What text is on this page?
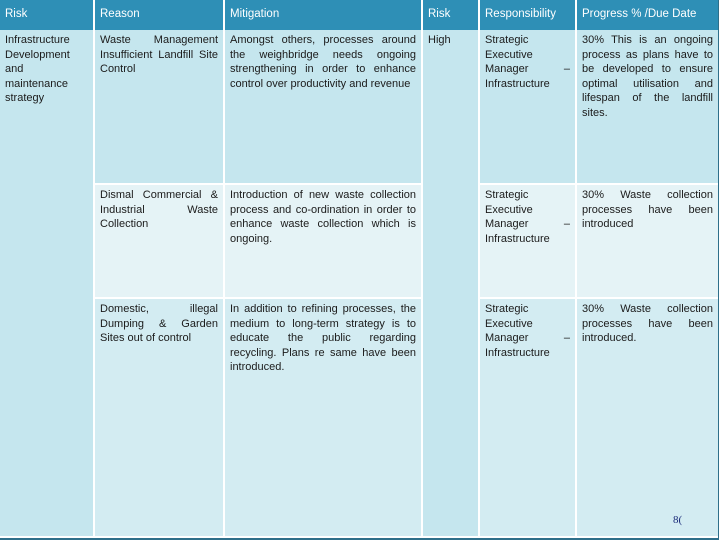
Risk	Reason	Mitigation	Risk	Responsibility	Progress % /Due Date
Infrastructure Development and maintenance strategy	Waste Management Insufficient Landfill Site Control	Amongst others, processes around the weighbridge needs ongoing strengthening in order to enhance control over productivity and revenue	High	Strategic Executive Manager – Infrastructure	30% This is an ongoing process as plans have to be developed to ensure optimal utilisation and lifespan of the landfill sites.
	Dismal Commercial & Industrial Waste Collection	Introduction of new waste collection process and co-ordination in order to enhance waste collection which is ongoing.		Strategic Executive Manager – Infrastructure	30% Waste collection processes have been introduced
	Domestic, illegal Dumping & Garden Sites out of control	In addition to refining processes, the medium to long-term strategy is to educate the public regarding recycling. Plans re same have been introduced.		Strategic Executive Manager – Infrastructure	30% Waste collection processes have been introduced.
8(
